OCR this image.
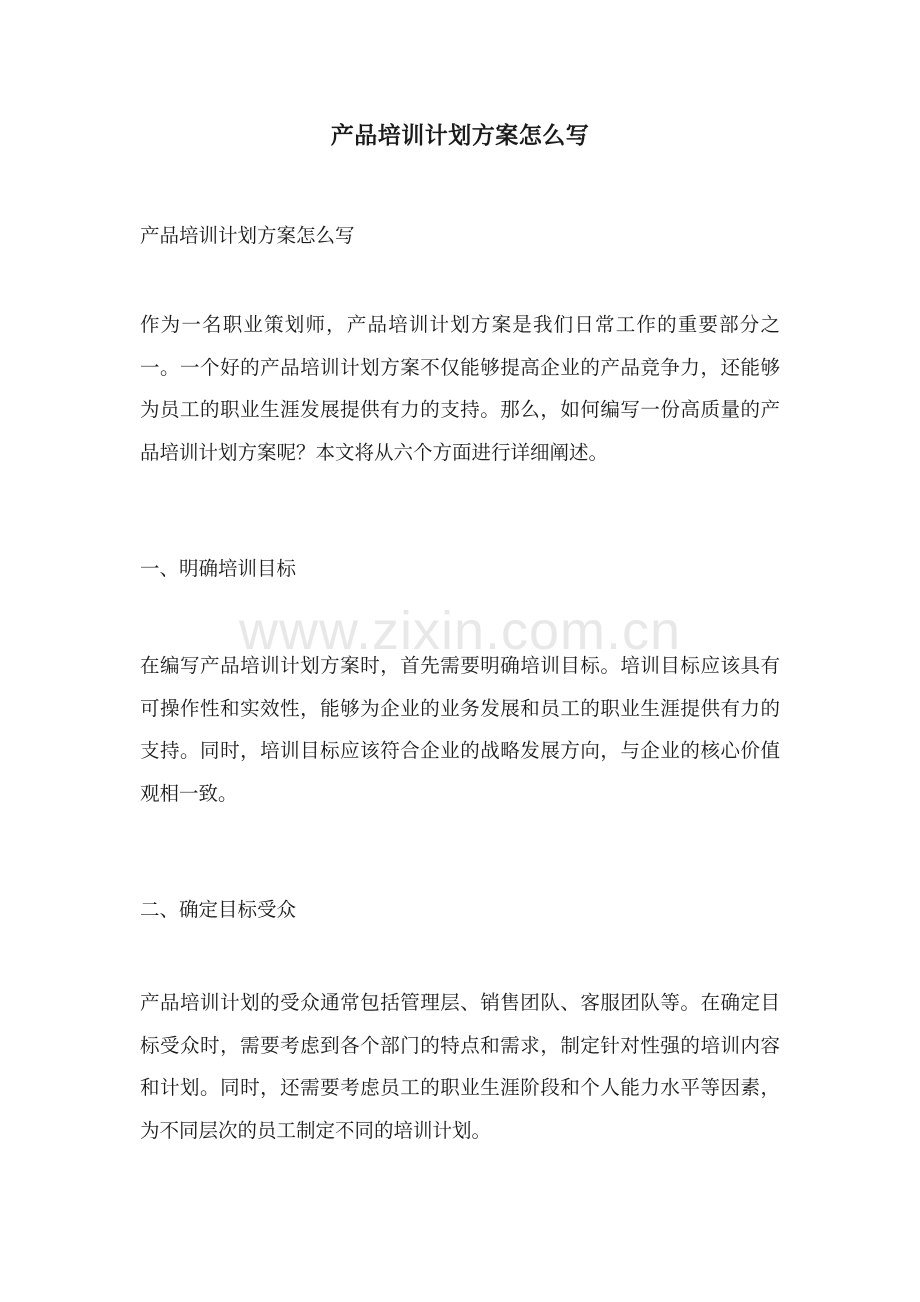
产品培训计划方案怎么写
产品培训计划方案怎么写
作为一名职业策划师，产品培训计划方案是我们日常工作的重要部分之一。一个好的产品培训计划方案不仅能够提高企业的产品竞争力，还能够为员工的职业生涯发展提供有力的支持。那么，如何编写一份高质量的产品培训计划方案呢？本文将从六个方面进行详细阐述。
一、明确培训目标
www.zixin.com.cn
在编写产品培训计划方案时，首先需要明确培训目标。培训目标应该具有可操作性和实效性，能够为企业的业务发展和员工的职业生涯提供有力的支持。同时，培训目标应该符合企业的战略发展方向，与企业的核心价值观相一致。
二、确定目标受众
产品培训计划的受众通常包括管理层、销售团队、客服团队等。在确定目标受众时，需要考虑到各个部门的特点和需求，制定针对性强的培训内容和计划。同时，还需要考虑员工的职业生涯阶段和个人能力水平等因素，为不同层次的员工制定不同的培训计划。
